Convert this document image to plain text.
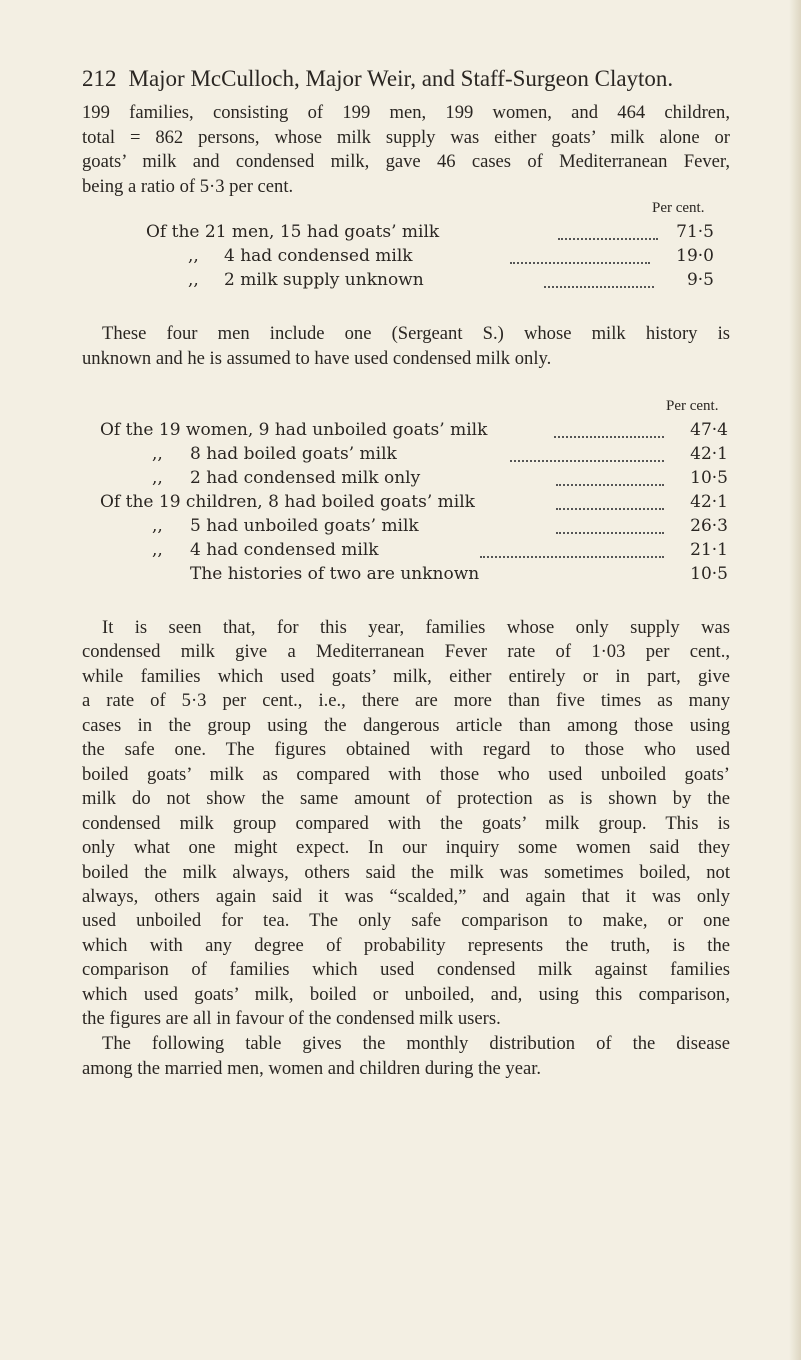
212 Major McCulloch, Major Weir, and Staff-Surgeon Clayton.
199 families, consisting of 199 men, 199 women, and 464 children,
total = 862 persons, whose milk supply was either goats’ milk alone or
goats’ milk and condensed milk, gave 46 cases of Mediterranean Fever,
being a ratio of 5·3 per cent.
Per cent.
Of the 21 men, 15 had goats’ milk	71·5
,, 4 had condensed milk	19·0
,, 2 milk supply unknown	9·5
These four men include one (Sergeant S.) whose milk history is
unknown and he is assumed to have used condensed milk only.
Per cent.
Of the 19 women, 9 had unboiled goats’ milk	47·4
,, 8 had boiled goats’ milk	42·1
,, 2 had condensed milk only	10·5
Of the 19 children, 8 had boiled goats’ milk	42·1
,, 5 had unboiled goats’ milk	26·3
,, 4 had condensed milk	21·1
The histories of two are unknown	10·5
It is seen that, for this year, families whose only supply was
condensed milk give a Mediterranean Fever rate of 1·03 per cent.,
while families which used goats’ milk, either entirely or in part, give
a rate of 5·3 per cent., i.e., there are more than five times as many
cases in the group using the dangerous article than among those using
the safe one. The figures obtained with regard to those who used
boiled goats’ milk as compared with those who used unboiled goats’
milk do not show the same amount of protection as is shown by the
condensed milk group compared with the goats’ milk group. This is
only what one might expect. In our inquiry some women said they
boiled the milk always, others said the milk was sometimes boiled, not
always, others again said it was “scalded,” and again that it was only
used unboiled for tea. The only safe comparison to make, or one
which with any degree of probability represents the truth, is the
comparison of families which used condensed milk against families
which used goats’ milk, boiled or unboiled, and, using this comparison,
the figures are all in favour of the condensed milk users.
The following table gives the monthly distribution of the disease
among the married men, women and children during the year.
